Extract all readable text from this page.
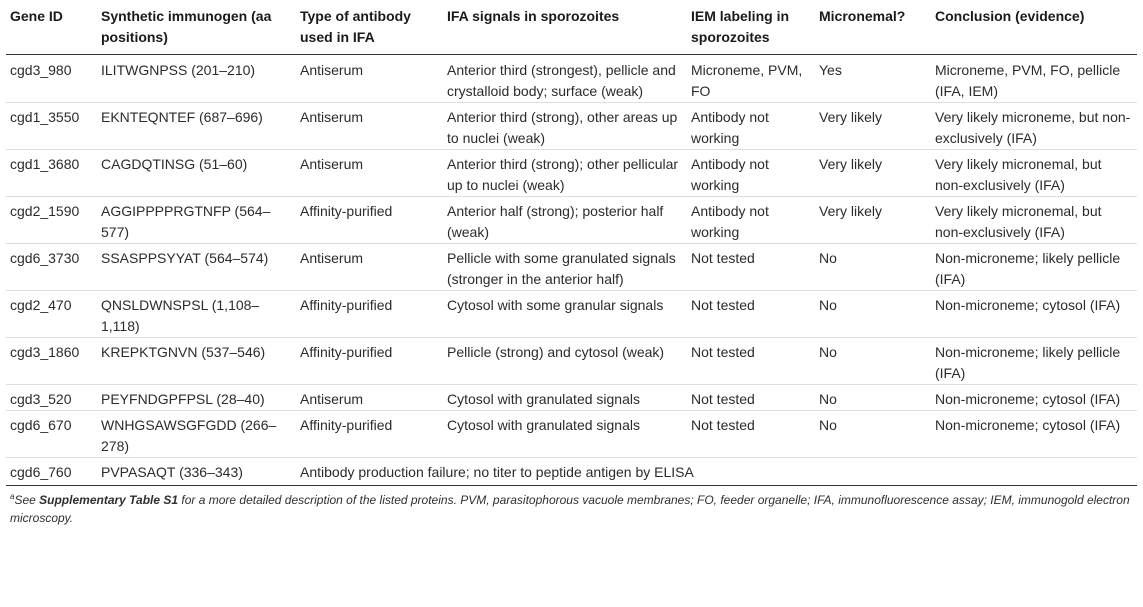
Gene ID	Synthetic immunogen (aa positions)	Type of antibody used in IFA	IFA signals in sporozoites	IEM labeling in sporozoites	Micronemal?	Conclusion (evidence)
cgd3_980	ILITWGNPSS (201–210)	Antiserum	Anterior third (strongest), pellicle and crystalloid body; surface (weak)	Microneme, PVM, FO	Yes	Microneme, PVM, FO, pellicle (IFA, IEM)
cgd1_3550	EKNTEQNTEF (687–696)	Antiserum	Anterior third (strong), other areas up to nuclei (weak)	Antibody not working	Very likely	Very likely microneme, but non-exclusively (IFA)
cgd1_3680	CAGDQTINSG (51–60)	Antiserum	Anterior third (strong); other pellicular up to nuclei (weak)	Antibody not working	Very likely	Very likely micronemal, but non-exclusively (IFA)
cgd2_1590	AGGIPPPPRGTNFP (564–577)	Affinity-purified	Anterior half (strong); posterior half (weak)	Antibody not working	Very likely	Very likely micronemal, but non-exclusively (IFA)
cgd6_3730	SSASPPSYYAT (564–574)	Antiserum	Pellicle with some granulated signals (stronger in the anterior half)	Not tested	No	Non-microneme; likely pellicle (IFA)
cgd2_470	QNSLDWNSPSL (1,108–1,118)	Affinity-purified	Cytosol with some granular signals	Not tested	No	Non-microneme; cytosol (IFA)
cgd3_1860	KREPKTGNVN (537–546)	Affinity-purified	Pellicle (strong) and cytosol (weak)	Not tested	No	Non-microneme; likely pellicle (IFA)
cgd3_520	PEYFNDGPFPSL (28–40)	Antiserum	Cytosol with granulated signals	Not tested	No	Non-microneme; cytosol (IFA)
cgd6_670	WNHGSAWSGFGDD (266–278)	Affinity-purified	Cytosol with granulated signals	Not tested	No	Non-microneme; cytosol (IFA)
cgd6_760	PVPASAQT (336–343)	Antibody production failure; no titer to peptide antigen by ELISA				
$^a$See Supplementary Table S1 for a more detailed description of the listed proteins. PVM, parasitophorous vacuole membranes; FO, feeder organelle; IFA, immunofluorescence assay; IEM, immunogold electron microscopy.
